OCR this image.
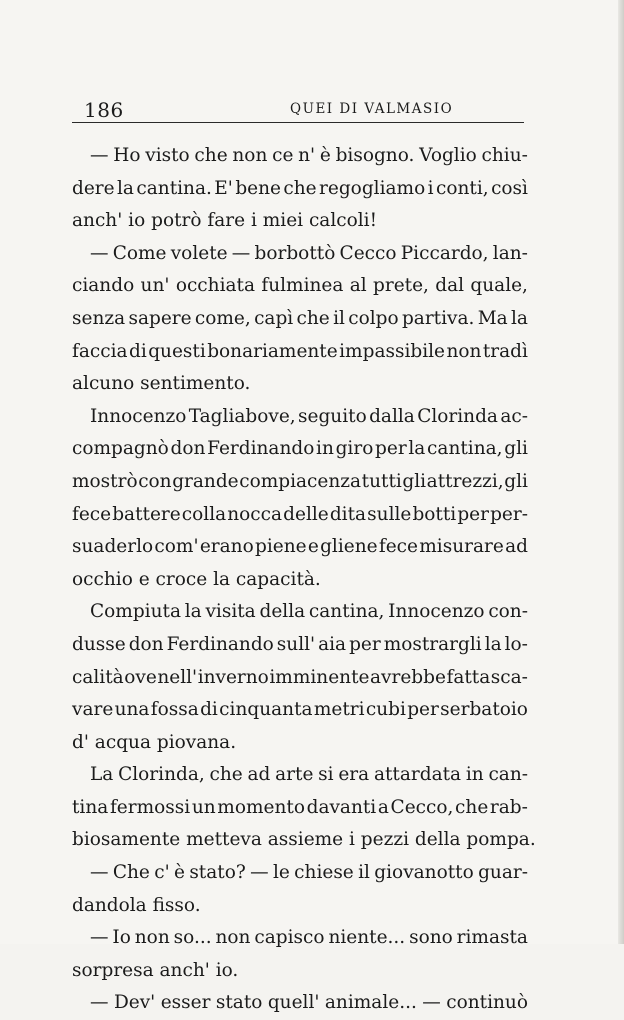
186	QUEI DI VALMASIO
— Ho visto che non ce n' è bisogno. Voglio chiu-
dere la cantina. E' bene che regogliamo i conti, così
anch' io potrò fare i miei calcoli!
— Come volete — borbottò Cecco Piccardo, lan-
ciando un' occhiata fulminea al prete, dal quale,
senza sapere come, capì che il colpo partiva. Ma la
faccia di questi bonariamente impassibile non tradì
alcuno sentimento.
Innocenzo Tagliabove, seguito dalla Clorinda ac-
compagnò don Ferdinando in giro per la cantina, gli
mostrò con grande compiacenza tutti gli attrezzi, gli
fece battere colla nocca delle dita sulle botti per per-
suaderlo com' erano piene e gliene fece misurare ad
occhio e croce la capacità.
Compiuta la visita della cantina, Innocenzo con-
dusse don Ferdinando sull' aia per mostrargli la lo-
calità ove nell' inverno imminente avrebbe fatta sca-
vare una fossa di cinquanta metri cubi per serbatoio
d' acqua piovana.
La Clorinda, che ad arte si era attardata in can-
tina fermossi un momento davanti a Cecco, che rab-
biosamente metteva assieme i pezzi della pompa.
— Che c' è stato? — le chiese il giovanotto guar-
dandola fisso.
— Io non so... non capisco niente... sono rimasta
sorpresa anch' io.
— Dev' esser stato quell' animale... — continuò
